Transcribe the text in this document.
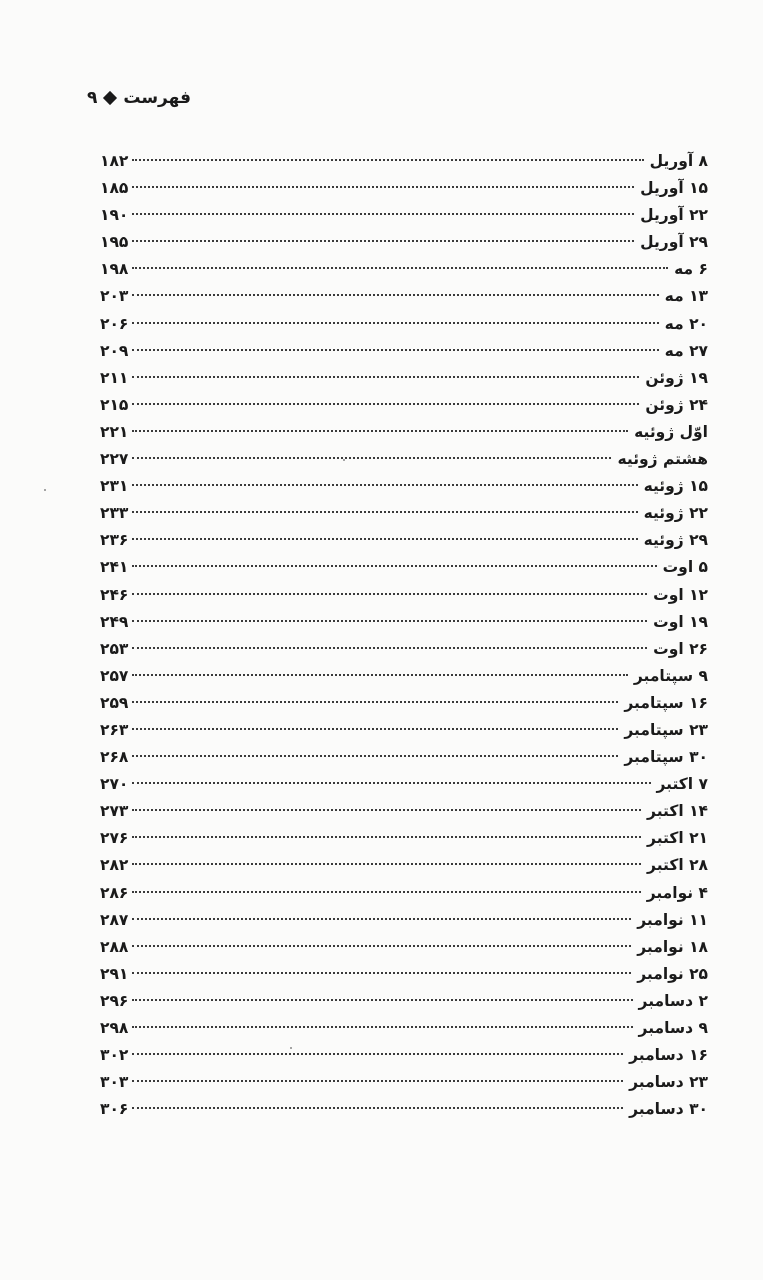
فهرست
۹
۸ آوریل
۱۸۲
۱۵ آوریل
۱۸۵
۲۲ آوریل
۱۹۰
۲۹ آوریل
۱۹۵
۶ مه
۱۹۸
۱۳ مه
۲۰۳
۲۰ مه
۲۰۶
۲۷ مه
۲۰۹
۱۹ ژوئن
۲۱۱
۲۴ ژوئن
۲۱۵
اوّل ژوئیه
۲۲۱
هشتم ژوئیه
۲۲۷
۱۵ ژوئیه
۲۳۱
۲۲ ژوئیه
۲۳۳
۲۹ ژوئیه
۲۳۶
۵ اوت
۲۴۱
۱۲ اوت
۲۴۶
۱۹ اوت
۲۴۹
۲۶ اوت
۲۵۳
۹ سپتامبر
۲۵۷
۱۶ سپتامبر
۲۵۹
۲۳ سپتامبر
۲۶۳
۳۰ سپتامبر
۲۶۸
۷ اکتبر
۲۷۰
۱۴ اکتبر
۲۷۳
۲۱ اکتبر
۲۷۶
۲۸ اکتبر
۲۸۲
۴ نوامبر
۲۸۶
۱۱ نوامبر
۲۸۷
۱۸ نوامبر
۲۸۸
۲۵ نوامبر
۲۹۱
۲ دسامبر
۲۹۶
۹ دسامبر
۲۹۸
۱۶ دسامبر
۳۰۲
۲۳ دسامبر
۳۰۳
۳۰ دسامبر
۳۰۶
